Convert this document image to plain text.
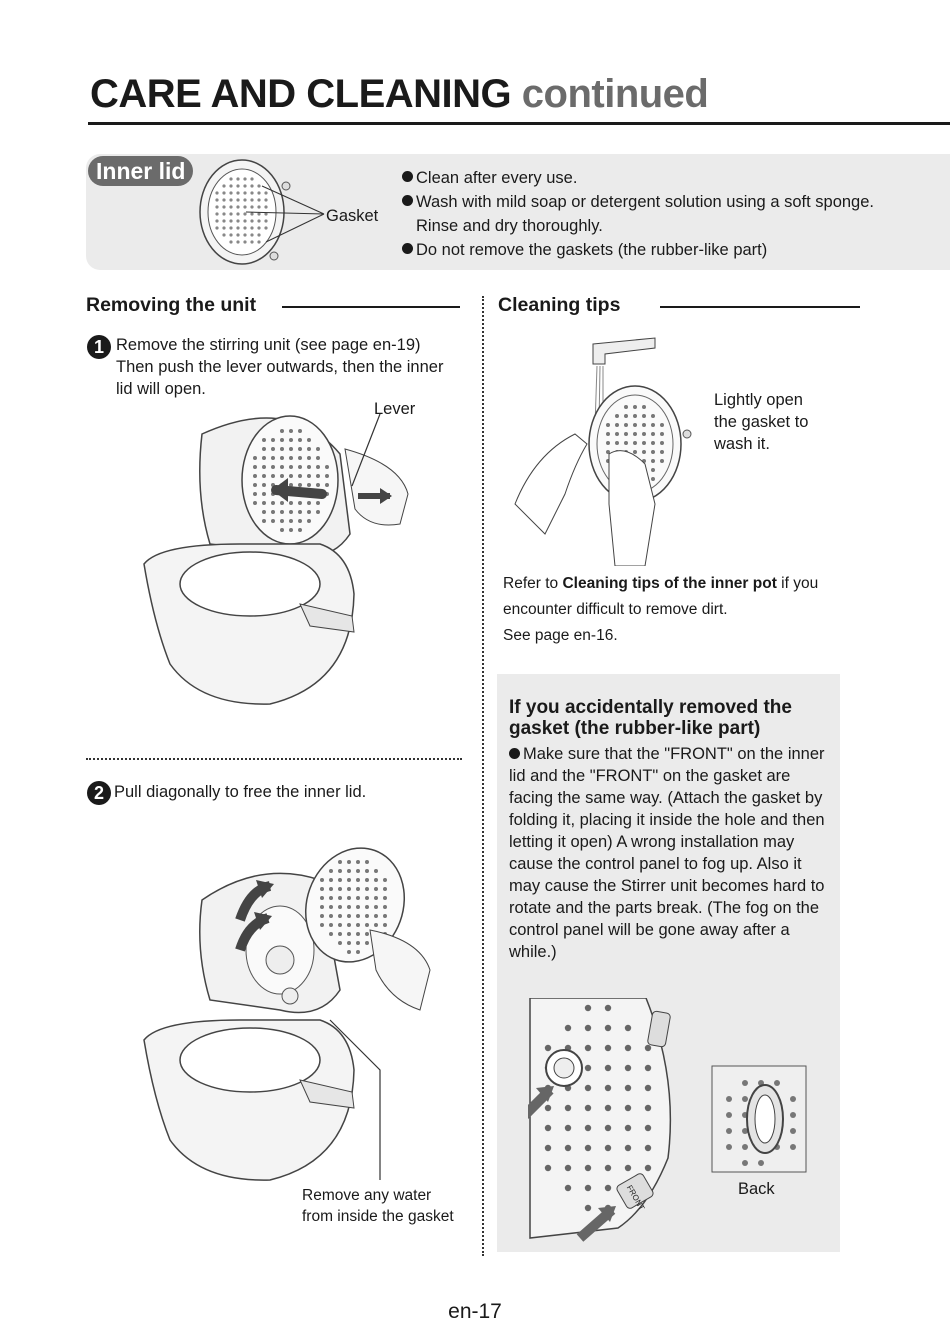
CARE AND CLEANING continued
Inner lid
Gasket
Clean after every use.
Wash with mild soap or detergent solution using a soft sponge.
Rinse and dry thoroughly.
Do not remove the gaskets (the rubber-like part)
Removing the unit	Cleaning tips
1 Remove the stirring unit (see page en-19)
Then push the lever outwards, then the inner
lid will open.
Lever
2 Pull diagonally to free the inner lid.
Remove any water
from inside the gasket
Lightly open
the gasket to
wash it.
Refer to Cleaning tips of the inner pot if you
encounter difficult to remove dirt.
See page en-16.
If you accidentally removed the gasket (the rubber-like part)
Make sure that the "FRONT" on the inner lid and the "FRONT" on the gasket are facing the same way. (Attach the gasket by folding it, placing it inside the hole and then letting it open) A wrong installation may cause the control panel to fog up. Also it may cause the Stirrer unit becomes hard to rotate and the parts break. (The fog on the control panel will be gone away after a while.)
FRONT	Back
en-17
